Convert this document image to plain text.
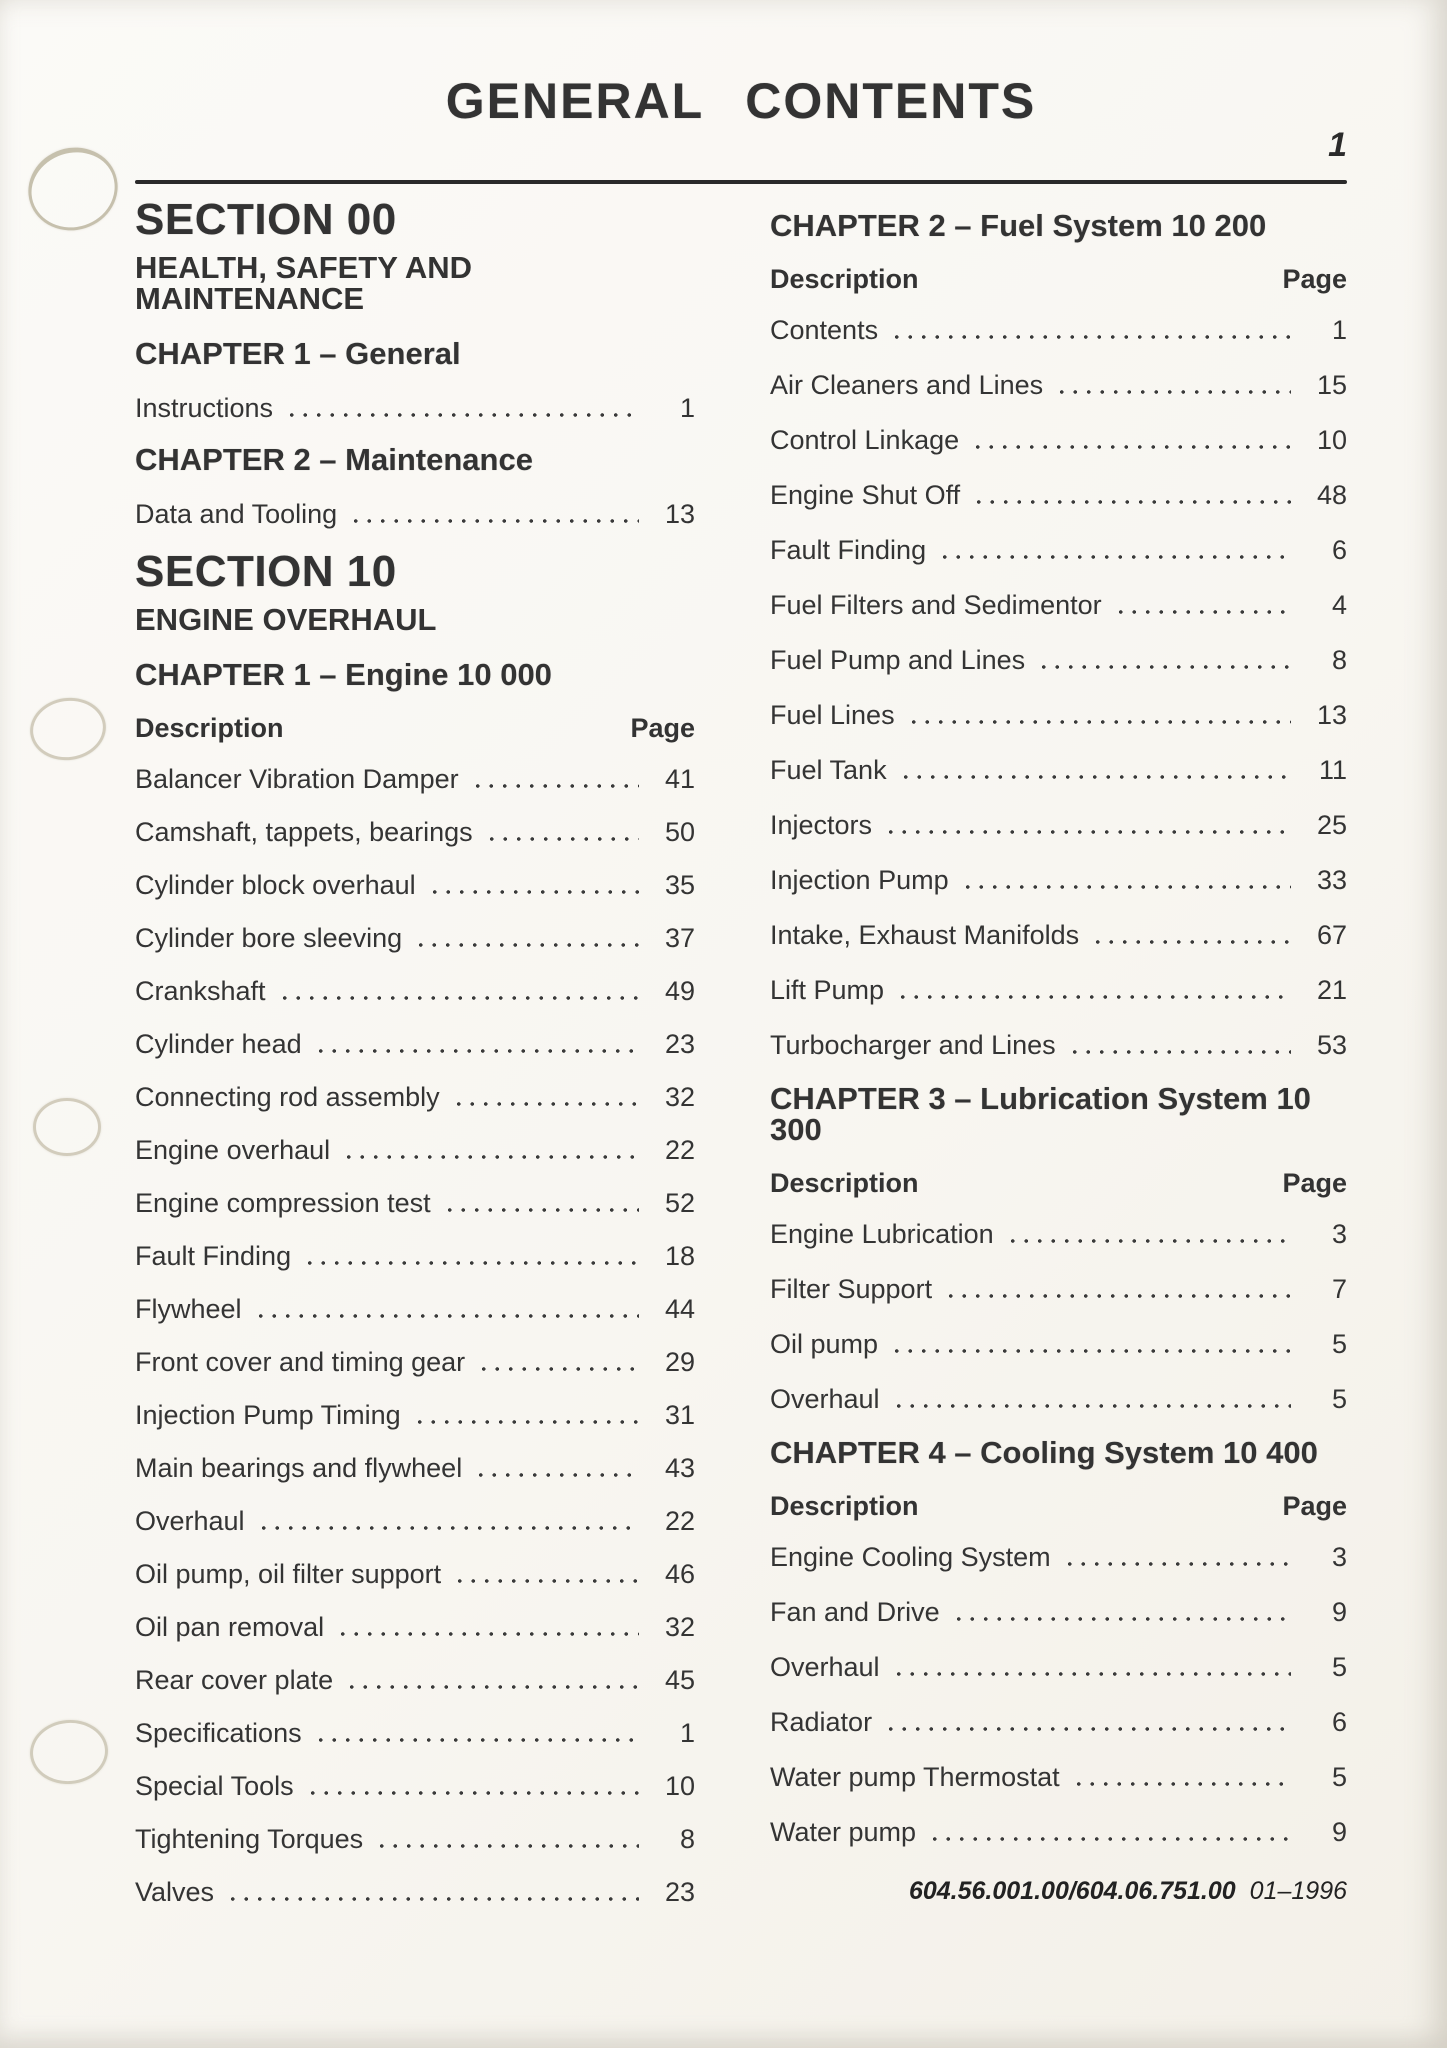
GENERAL CONTENTS
1
SECTION 00
HEALTH, SAFETY AND MAINTENANCE
CHAPTER 1 – General
Instructions	1
CHAPTER 2 – Maintenance
Data and Tooling	13
SECTION 10
ENGINE OVERHAUL
CHAPTER 1 – Engine 10 000
Description	Page
Balancer Vibration Damper	41
Camshaft, tappets, bearings	50
Cylinder block overhaul	35
Cylinder bore sleeving	37
Crankshaft	49
Cylinder head	23
Connecting rod assembly	32
Engine overhaul	22
Engine compression test	52
Fault Finding	18
Flywheel	44
Front cover and timing gear	29
Injection Pump Timing	31
Main bearings and flywheel	43
Overhaul	22
Oil pump, oil filter support	46
Oil pan removal	32
Rear cover plate	45
Specifications	1
Special Tools	10
Tightening Torques	8
Valves	23
CHAPTER 2 – Fuel System 10 200
Description	Page
Contents	1
Air Cleaners and Lines	15
Control Linkage	10
Engine Shut Off	48
Fault Finding	6
Fuel Filters and Sedimentor	4
Fuel Pump and Lines	8
Fuel Lines	13
Fuel Tank	11
Injectors	25
Injection Pump	33
Intake, Exhaust Manifolds	67
Lift Pump	21
Turbocharger and Lines	53
CHAPTER 3 – Lubrication System 10 300
Description	Page
Engine Lubrication	3
Filter Support	7
Oil pump	5
Overhaul	5
CHAPTER 4 – Cooling System 10 400
Description	Page
Engine Cooling System	3
Fan and Drive	9
Overhaul	5
Radiator	6
Water pump Thermostat	5
Water pump	9
604.56.001.00/604.06.751.00 01–1996
